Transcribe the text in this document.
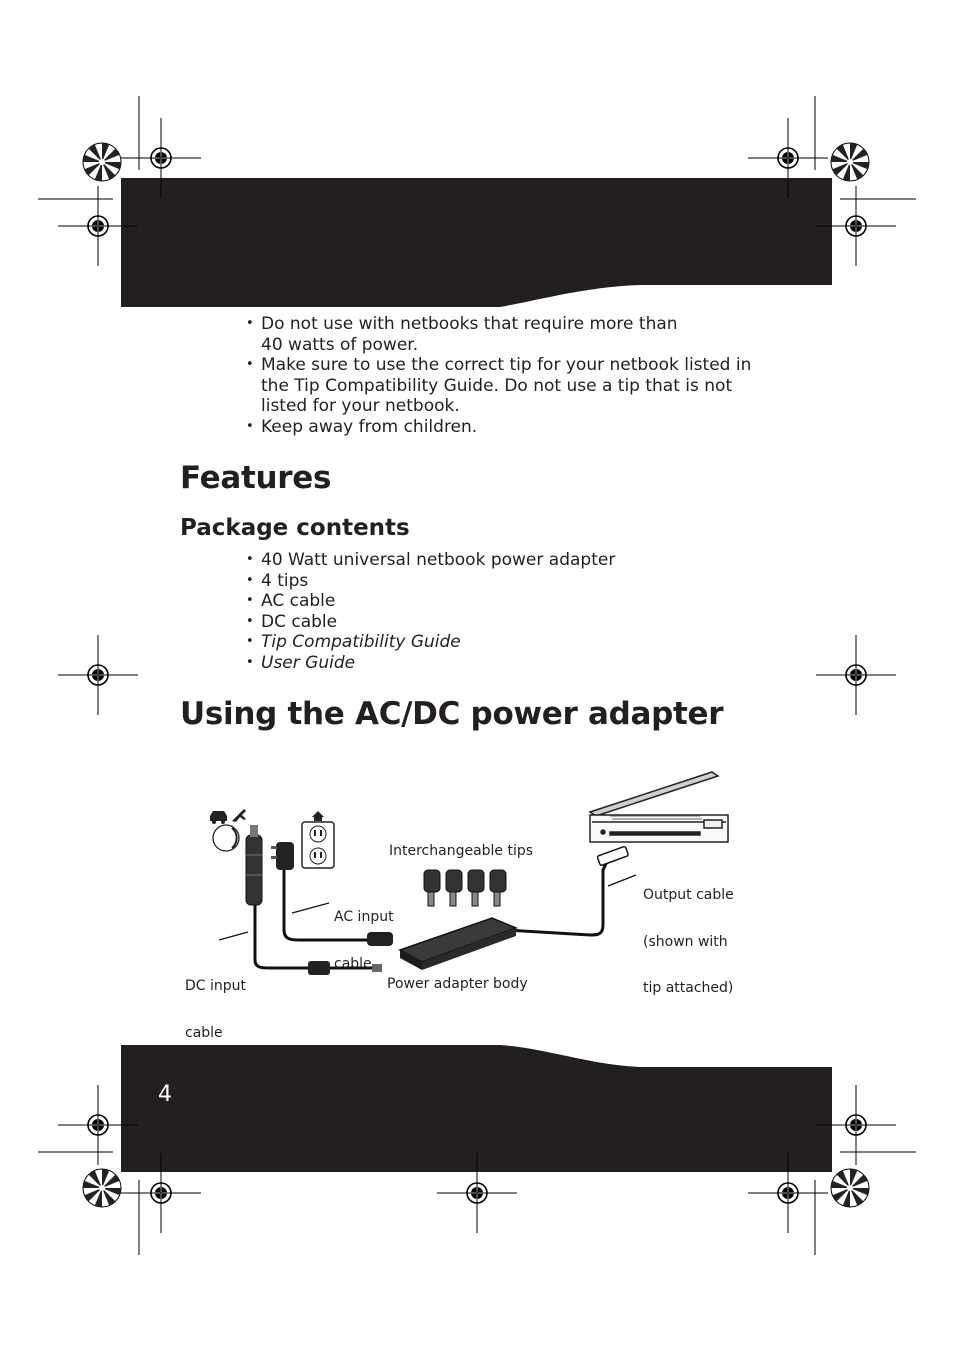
• Do not use with netbooks that require more than
40 watts of power.
• Make sure to use the correct tip for your netbook listed in
the Tip Compatibility Guide. Do not use a tip that is not
listed for your netbook.
• Keep away from children.
Features
Package contents
• 40 Watt universal netbook power adapter
• 4 tips
• AC cable
• DC cable
• Tip Compatibility Guide
• User Guide
Using the AC/DC power adapter
Interchangeable tips

AC input

cable

DC input

cable

Output cable

(shown with

tip attached)

Power adapter body
4
